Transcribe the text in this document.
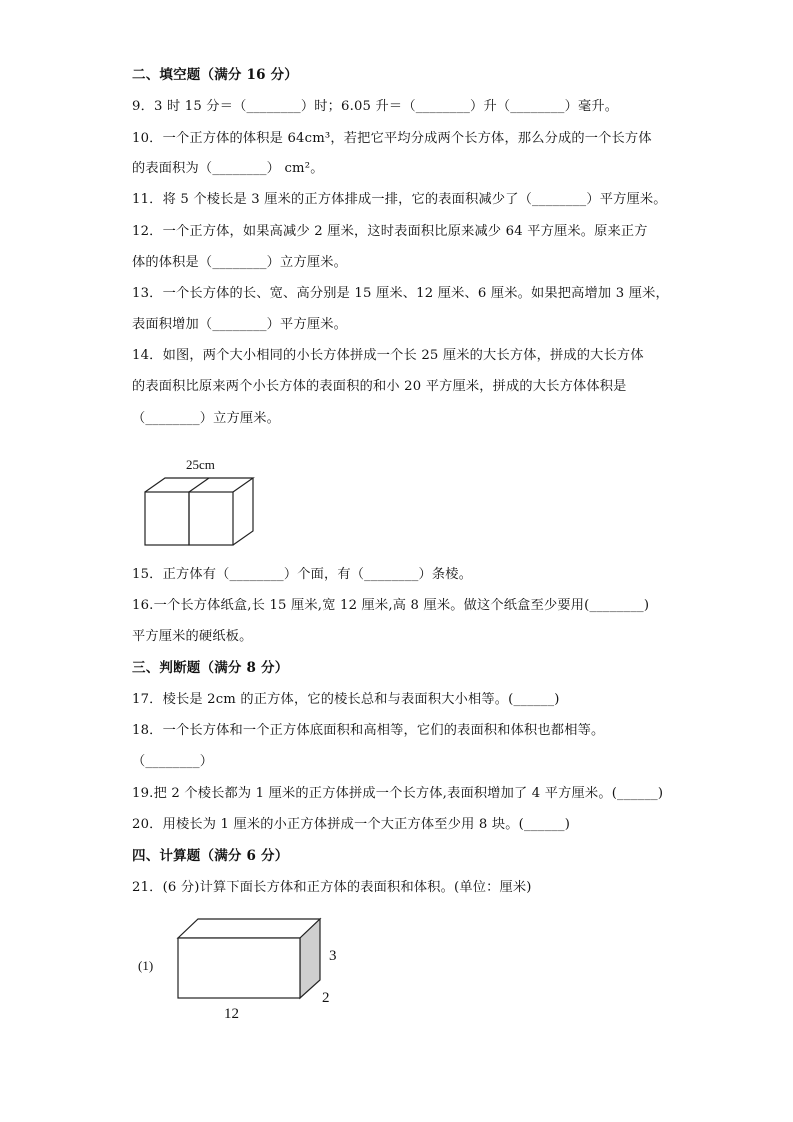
二、填空题（满分 16 分）
9．3 时 15 分＝（________）时；6.05 升＝（________）升（________）毫升。
10．一个正方体的体积是 64cm³，若把它平均分成两个长方体，那么分成的一个长方体
的表面积为（________） cm²。
11．将 5 个棱长是 3 厘米的正方体排成一排，它的表面积减少了（________）平方厘米。
12．一个正方体，如果高减少 2 厘米，这时表面积比原来减少 64 平方厘米。原来正方
体的体积是（________）立方厘米。
13．一个长方体的长、宽、高分别是 15 厘米、12 厘米、6 厘米。如果把高增加 3 厘米，
表面积增加（________）平方厘米。
14．如图，两个大小相同的小长方体拼成一个长 25 厘米的大长方体，拼成的大长方体
的表面积比原来两个小长方体的表面积的和小 20 平方厘米，拼成的大长方体体积是
（________）立方厘米。
25cm
15．正方体有（________）个面，有（________）条棱。
16.一个长方体纸盒,长 15 厘米,宽 12 厘米,高 8 厘米。做这个纸盒至少要用(________)
平方厘米的硬纸板。
三、判断题（满分 8 分）
17．棱长是 2cm 的正方体，它的棱长总和与表面积大小相等。(______)
18．一个长方体和一个正方体底面积和高相等，它们的表面积和体积也都相等。
（________）
19.把 2 个棱长都为 1 厘米的正方体拼成一个长方体,表面积增加了 4 平方厘米。(______)
20．用棱长为 1 厘米的小正方体拼成一个大正方体至少用 8 块。(______)
四、计算题（满分 6 分）
21．(6 分)计算下面长方体和正方体的表面积和体积。(单位：厘米)
(1)
3
2
12
